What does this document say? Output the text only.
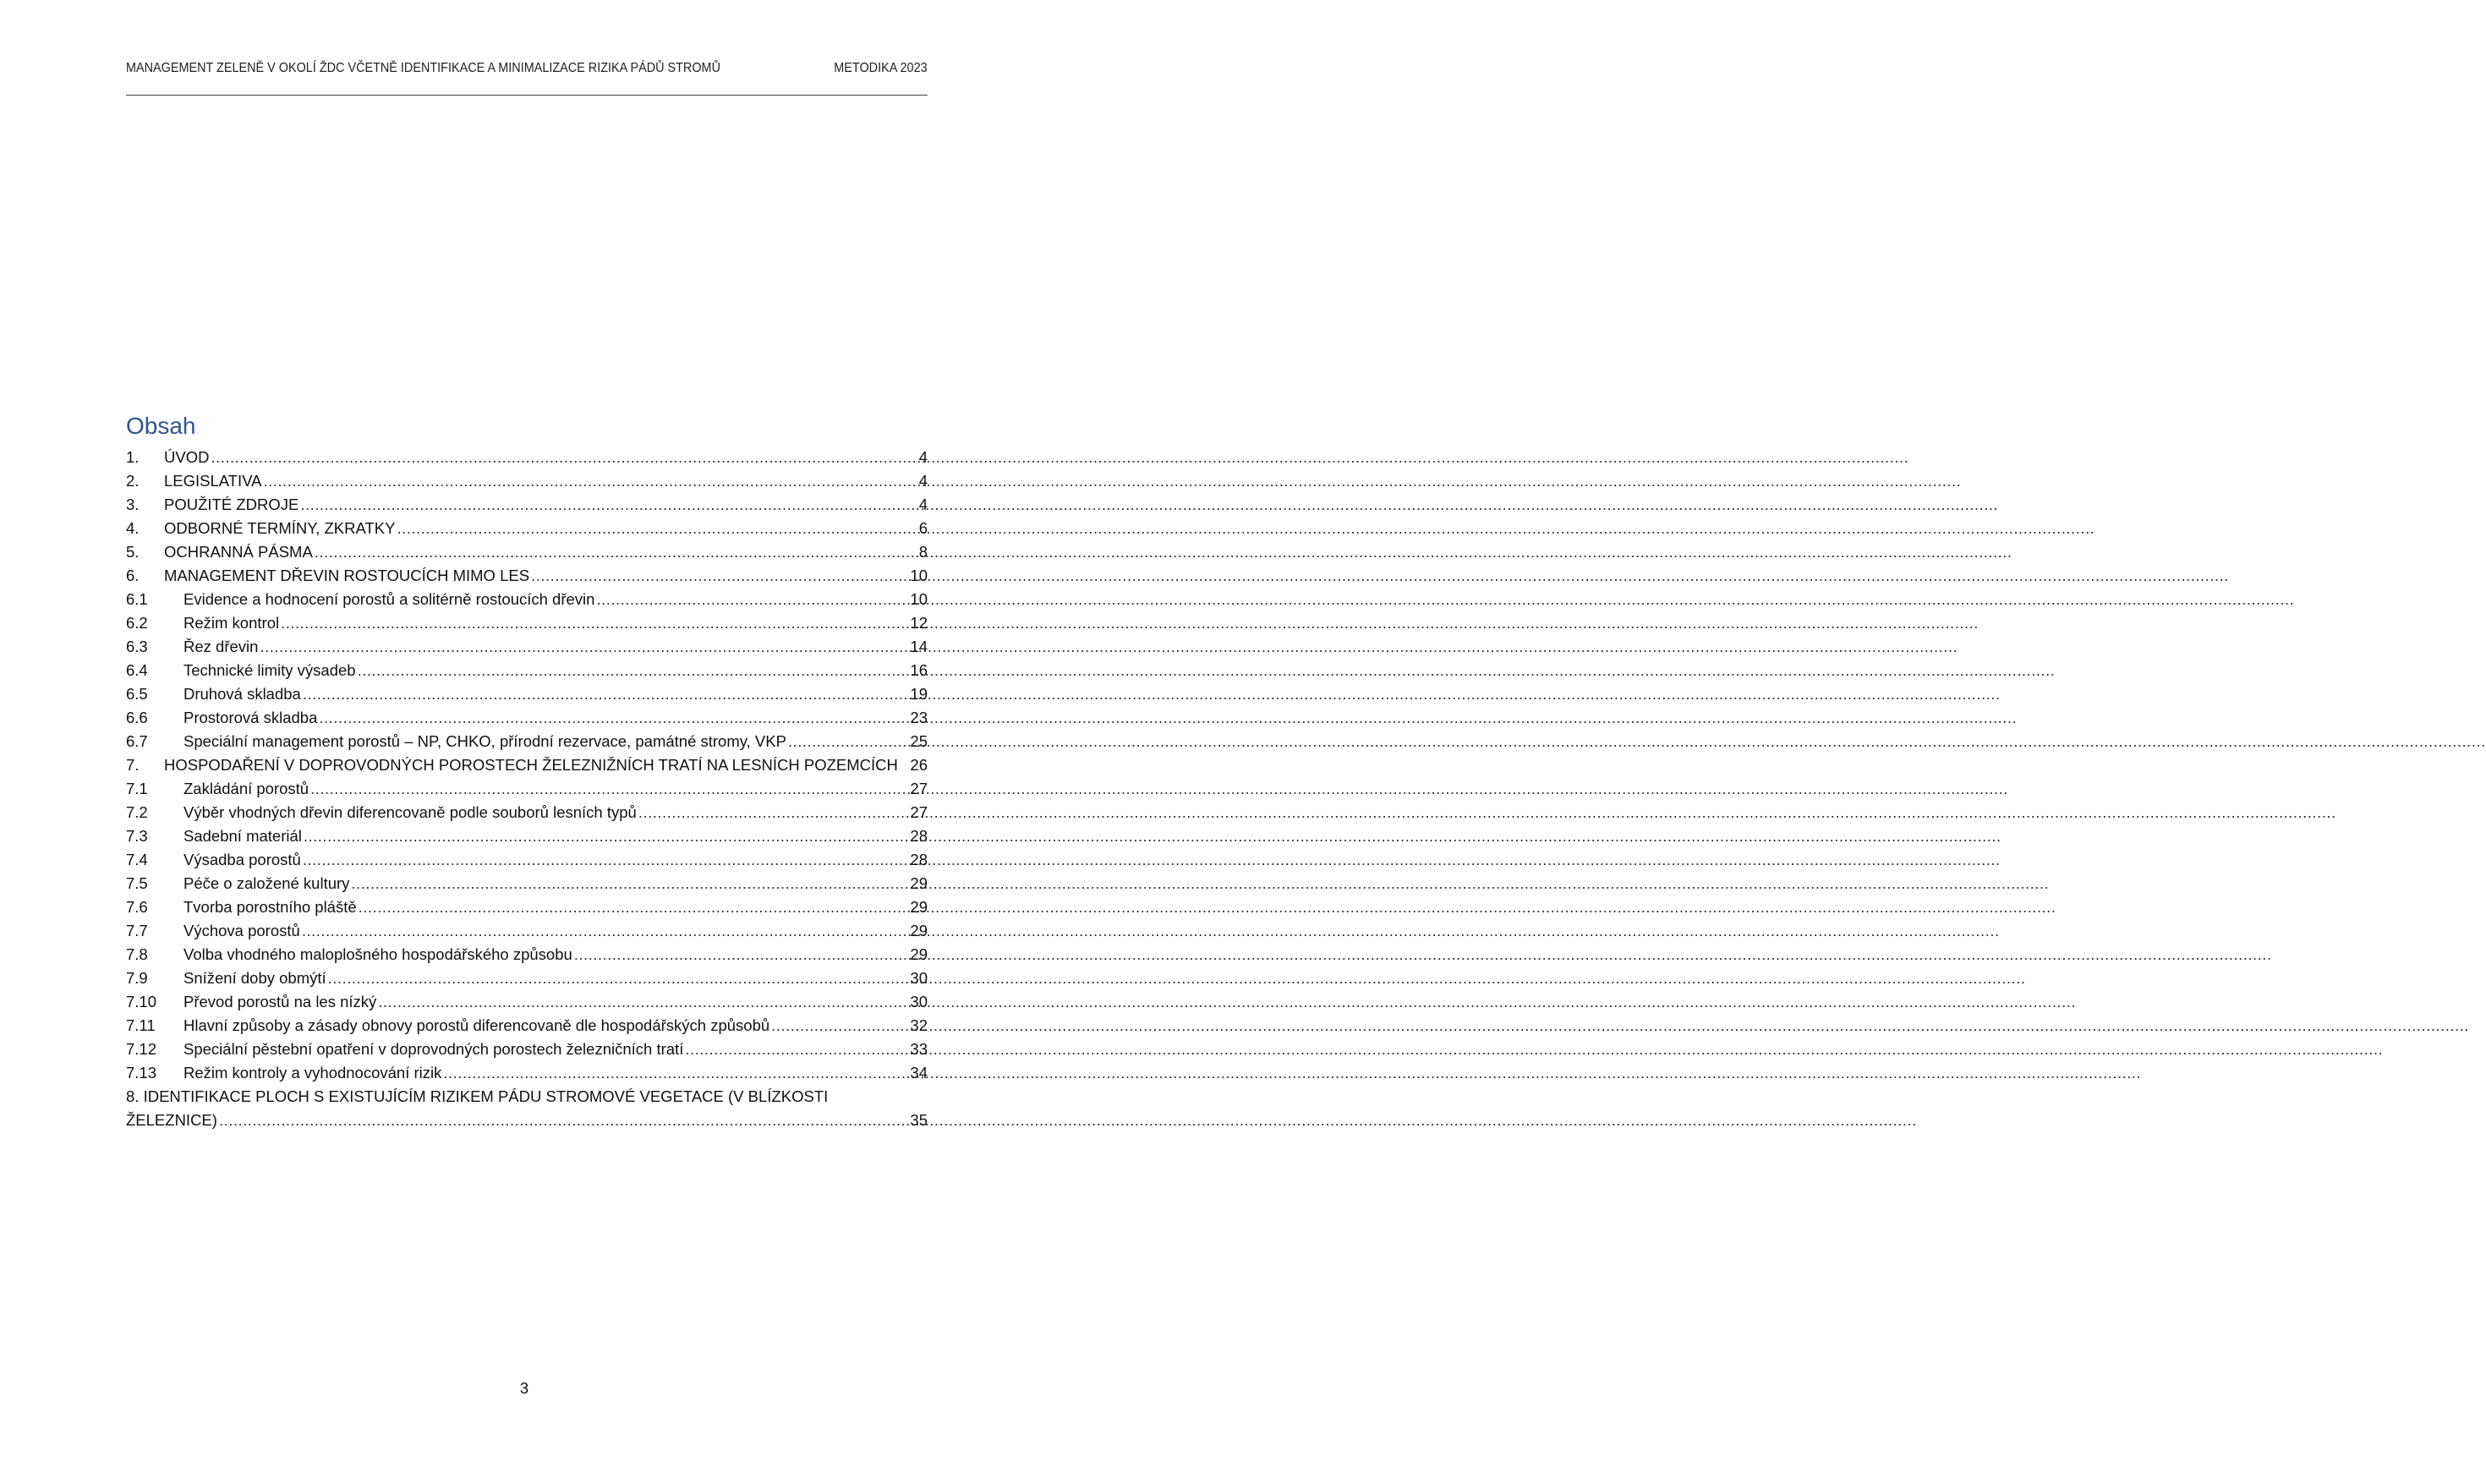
MANAGEMENT ZELENĚ V OKOLÍ ŽDC VČETNĚ IDENTIFIKACE A MINIMALIZACE RIZIKA PÁDŮ STROMŮ	METODIKA 2023
Obsah
1.	ÚVOD .....	4
2.	LEGISLATIVA .....	4
3.	POUŽITÉ ZDROJE .....	4
4.	ODBORNÉ TERMÍNY, ZKRATKY .....	6
5.	OCHRANNÁ PÁSMA .....	8
6.	MANAGEMENT DŘEVIN ROSTOUCÍCH MIMO LES .....	10
6.1	Evidence a hodnocení porostů a solitérně rostoucích dřevin .....	10
6.2	Režim kontrol .....	12
6.3	Řez dřevin .....	14
6.4	Technické limity výsadeb .....	16
6.5	Druhová skladba .....	19
6.6	Prostorová skladba .....	23
6.7	Speciální management porostů – NP, CHKO, přírodní rezervace, památné stromy, VKP .....	25
7.	HOSPODAŘENÍ V DOPROVODNÝCH POROSTECH ŽELEZNIŽNÍCH TRATÍ NA LESNÍCH POZEMCÍCH 26
7.1	Zakládání porostů .....	27
7.2	Výběr vhodných dřevin diferencovaně podle souborů lesních typů .....	27
7.3	Sadební materiál .....	28
7.4	Výsadba porostů .....	28
7.5	Péče o založené kultury .....	29
7.6	Tvorba porostního pláště .....	29
7.7	Výchova porostů .....	29
7.8	Volba vhodného maloplošného hospodářského způsobu .....	29
7.9	Snížení doby obmýtí .....	30
7.10	Převod porostů na les nízký .....	30
7.11	Hlavní způsoby a zásady obnovy porostů diferencovaně dle hospodářských způsobů .....	32
7.12	Speciální pěstební opatření v doprovodných porostech železničních tratí .....	33
7.13	Režim kontroly a vyhodnocování rizik .....	34
8. IDENTIFIKACE PLOCH S EXISTUJÍCÍM RIZIKEM PÁDU STROMOVÉ VEGETACE (V BLÍZKOSTI
ŽELEZNICE) .....	35
3
